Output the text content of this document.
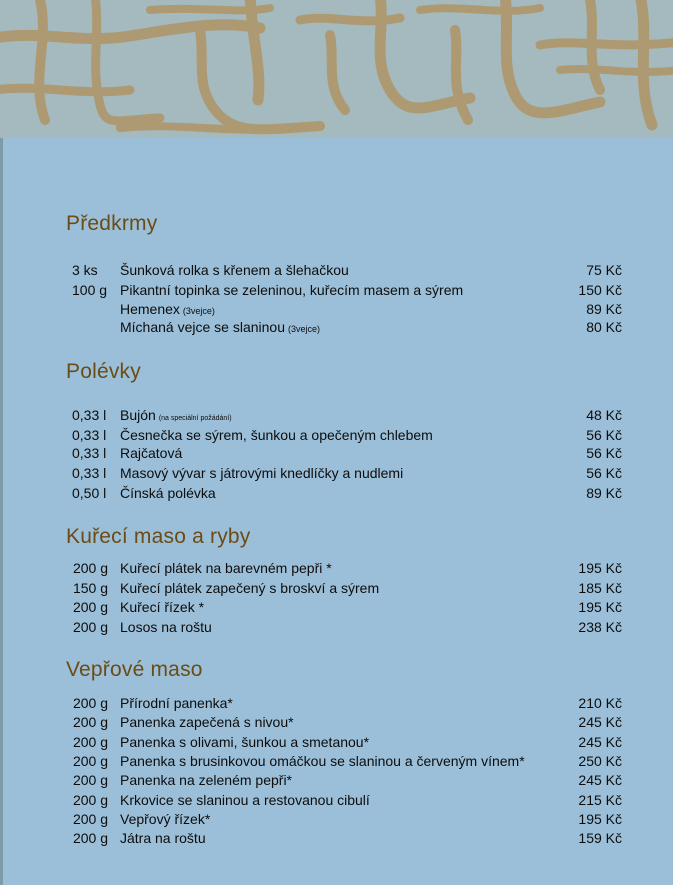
Předkrmy
3 ks Šunková rolka s křenem a šlehačkou	75 Kč
100 g Pikantní topinka se zeleninou, kuřecím masem a sýrem	150 Kč
Hemenex (3vejce)	89 Kč
Míchaná vejce se slaninou (3vejce)	80 Kč
Polévky
0,33 l Bujón (na speciální požádání)	48 Kč
0,33 l Česnečka se sýrem, šunkou a opečeným chlebem	56 Kč
0,33 l Rajčatová	56 Kč
0,33 l Masový vývar s játrovými knedlíčky a nudlemi	56 Kč
0,50 l Čínská polévka	89 Kč
Kuřecí maso a ryby
200 g Kuřecí plátek na barevném pepři *	195 Kč
150 g Kuřecí plátek zapečený s broskví a sýrem	185 Kč
200 g Kuřecí řízek *	195 Kč
200 g Losos na roštu	238 Kč
Vepřové maso
200 g Přírodní panenka*	210 Kč
200 g Panenka zapečená s nivou*	245 Kč
200 g Panenka s olivami, šunkou a smetanou*	245 Kč
200 g Panenka s brusinkovou omáčkou se slaninou a červeným vínem*	250 Kč
200 g Panenka na zeleném pepři*	245 Kč
200 g Krkovice se slaninou a restovanou cibulí	215 Kč
200 g Vepřový řízek*	195 Kč
200 g Játra na roštu	159 Kč
